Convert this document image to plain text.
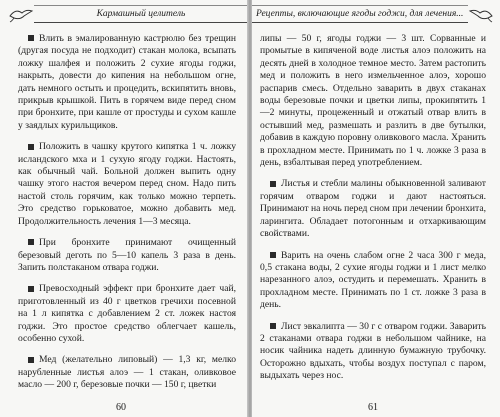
Кармашный целитель

Влить в эмалированную кастрюлю без трещин (другая посуда не подходит) стакан молока, всыпать ложку шалфея и положить 2 сухие ягоды годжи, накрыть, довести до кипения на небольшом огне, дать немного остыть и процедить, вскипятить вновь, прикрыв крышкой. Пить в горячем виде перед сном при бронхите, при кашле от простуды и сухом кашле у заядлых курильщиков.

Положить в чашку крутого кипятка 1 ч. ложку исландского мха и 1 сухую ягоду годжи. Настоять, как обычный чай. Больной должен выпить одну чашку этого настоя вечером перед сном. Надо пить настой столь горячим, как только можно терпеть. Это средство горьковатое, можно добавить мед. Продолжительность лечения 1—3 месяца.

При бронхите принимают очищенный березовый деготь по 5—10 капель 3 раза в день. Запить полстаканом отвара годжи.

Превосходный эффект при бронхите дает чай, приготовленный из 40 г цветков гречихи посевной на 1 л кипятка с добавлением 2 ст. ложек настоя годжи. Это простое средство облегчает кашель, особенно сухой.

Мед (желательно липовый) — 1,3 кг, мелко нарубленные листья алоэ — 1 стакан, оливковое масло — 200 г, березовые почки — 150 г, цветки

60
Рецепты, включающие ягоды годжи, для лечения...

липы — 50 г, ягоды годжи — 3 шт. Сорванные и промытые в кипяченой воде листья алоэ положить на десять дней в холодное темное место. Затем растопить мед и положить в него измельченное алоэ, хорошо распарив смесь. Отдельно заварить в двух стаканах воды березовые почки и цветки липы, прокипятить 1—2 минуты, процеженный и отжатый отвар влить в остывший мед, размешать и разлить в две бутылки, добавив в каждую поровну оливкового масла. Хранить в прохладном месте. Принимать по 1 ч. ложке 3 раза в день, взбалтывая перед употреблением.

Листья и стебли малины обыкновенной заливают горячим отваром годжи и дают настояться. Принимают на ночь перед сном при лечении бронхита, ларингита. Обладает потогонным и отхаркивающим свойствами.

Варить на очень слабом огне 2 часа 300 г меда, 0,5 стакана воды, 2 сухие ягоды годжи и 1 лист мелко нарезанного алоэ, остудить и перемешать. Хранить в прохладном месте. Принимать по 1 ст. ложке 3 раза в день.

Лист эвкалипта — 30 г с отваром годжи. Заварить 2 стаканами отвара годжи в небольшом чайнике, на носик чайника надеть длинную бумажную трубочку. Осторожно вдыхать, чтобы воздух поступал с паром, выдыхать через нос.

61
